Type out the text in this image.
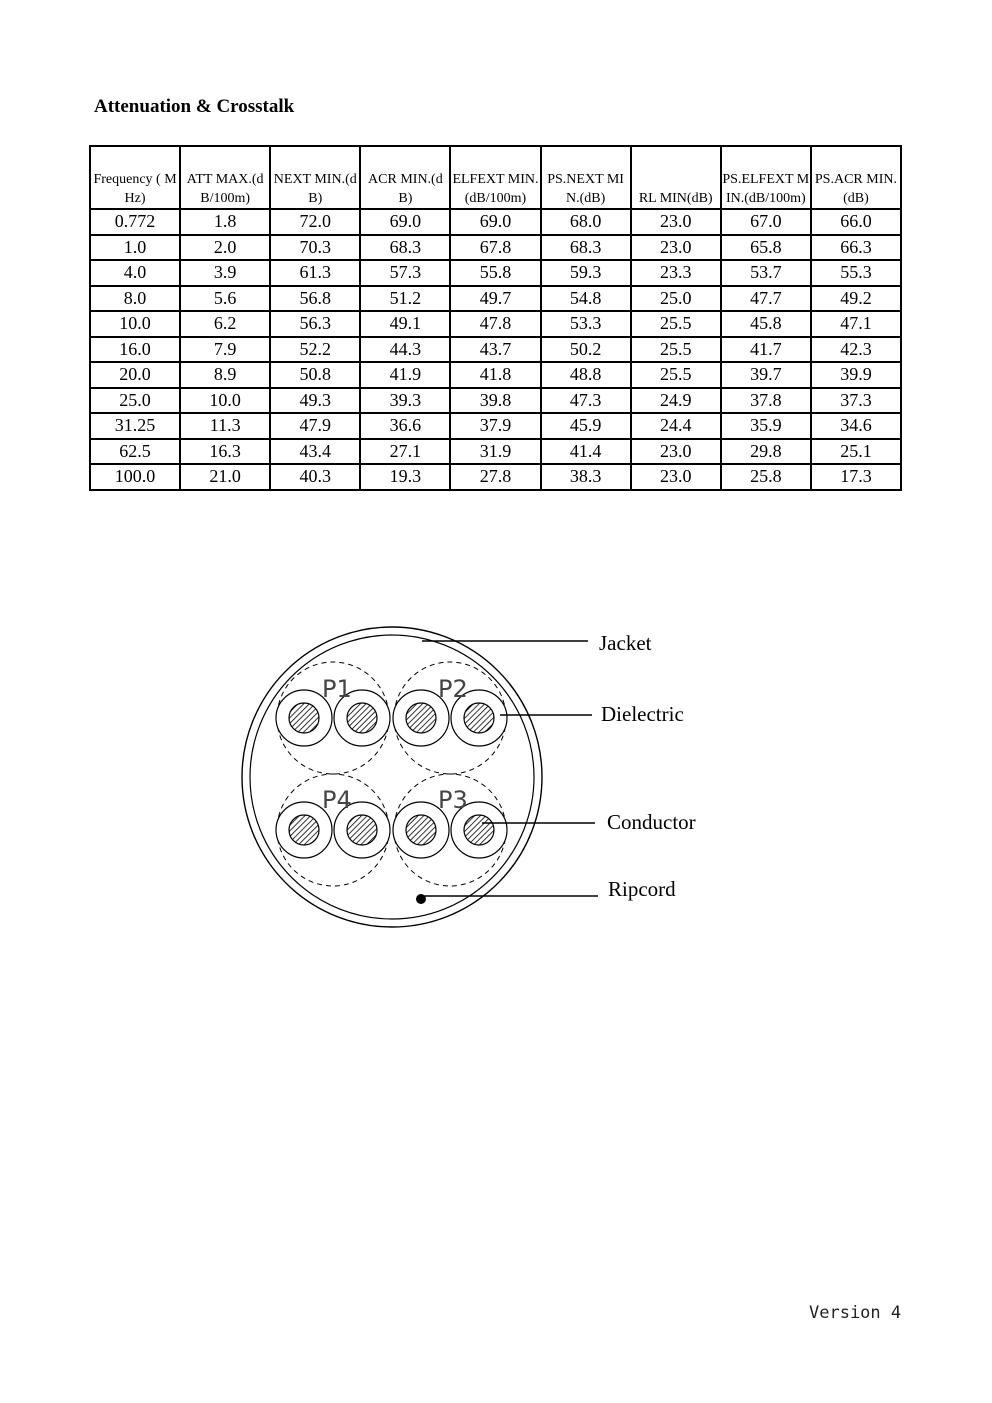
Attenuation & Crosstalk
Frequency ( MHz)	ATT MAX.(dB/100m)	NEXT MIN.(dB)	ACR MIN.(dB)	ELFEXT MIN.(dB/100m)	PS.NEXT MIN.(dB)	RL MIN(dB)	PS.ELFEXT MIN.(dB/100m)	PS.ACR MIN.(dB)
0.772	1.8	72.0	69.0	69.0	68.0	23.0	67.0	66.0
1.0	2.0	70.3	68.3	67.8	68.3	23.0	65.8	66.3
4.0	3.9	61.3	57.3	55.8	59.3	23.3	53.7	55.3
8.0	5.6	56.8	51.2	49.7	54.8	25.0	47.7	49.2
10.0	6.2	56.3	49.1	47.8	53.3	25.5	45.8	47.1
16.0	7.9	52.2	44.3	43.7	50.2	25.5	41.7	42.3
20.0	8.9	50.8	41.9	41.8	48.8	25.5	39.7	39.9
25.0	10.0	49.3	39.3	39.8	47.3	24.9	37.8	37.3
31.25	11.3	47.9	36.6	37.9	45.9	24.4	35.9	34.6
62.5	16.3	43.4	27.1	31.9	41.4	23.0	29.8	25.1
100.0	21.0	40.3	19.3	27.8	38.3	23.0	25.8	17.3
P1	P2
P4	P3
Jacket
Dielectric
Conductor
Ripcord
Version 4
